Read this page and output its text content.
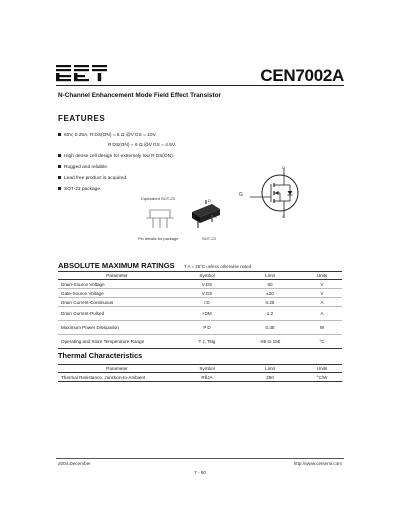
CEN7002A
N-Channel Enhancement Mode Field Effect Transistor
FEATURES
60V, 0.25A, R DS(ON) = 5 Ω @V GS = 10V.
R DS(ON) = 6 Ω @V GS = 4.5V.
High dense cell design for extremely low R DS(ON).
Rugged and reliable.
Lead free product is acquired.
SOT-23 package.
D
G
S
Equivalent SOT-23
Pin details for package
G	S
D
SOT-23
ABSOLUTE MAXIMUM RATINGS T A = 25°C unless otherwise noted
Parameter	Symbol	Limit	Units
Drain-Source Voltage	V DS	60	V
Gate-Source Voltage	V GS	±20	V
Drain Current-Continuous	I D	0.25	A
Drain Current-Pulsed	I DM	1.2	A
Maximum Power Dissipation	P D	0.35	W
Operating and Store Temperature Range	T J, Tstg	-55 to 150	°C
Thermal Characteristics
Parameter	Symbol	Limit	Units
Thermal Resistance, Junction-to-Ambient	RθJA	350	°C/W
2004.December	http://www.cetsemi.com
7 - 90
